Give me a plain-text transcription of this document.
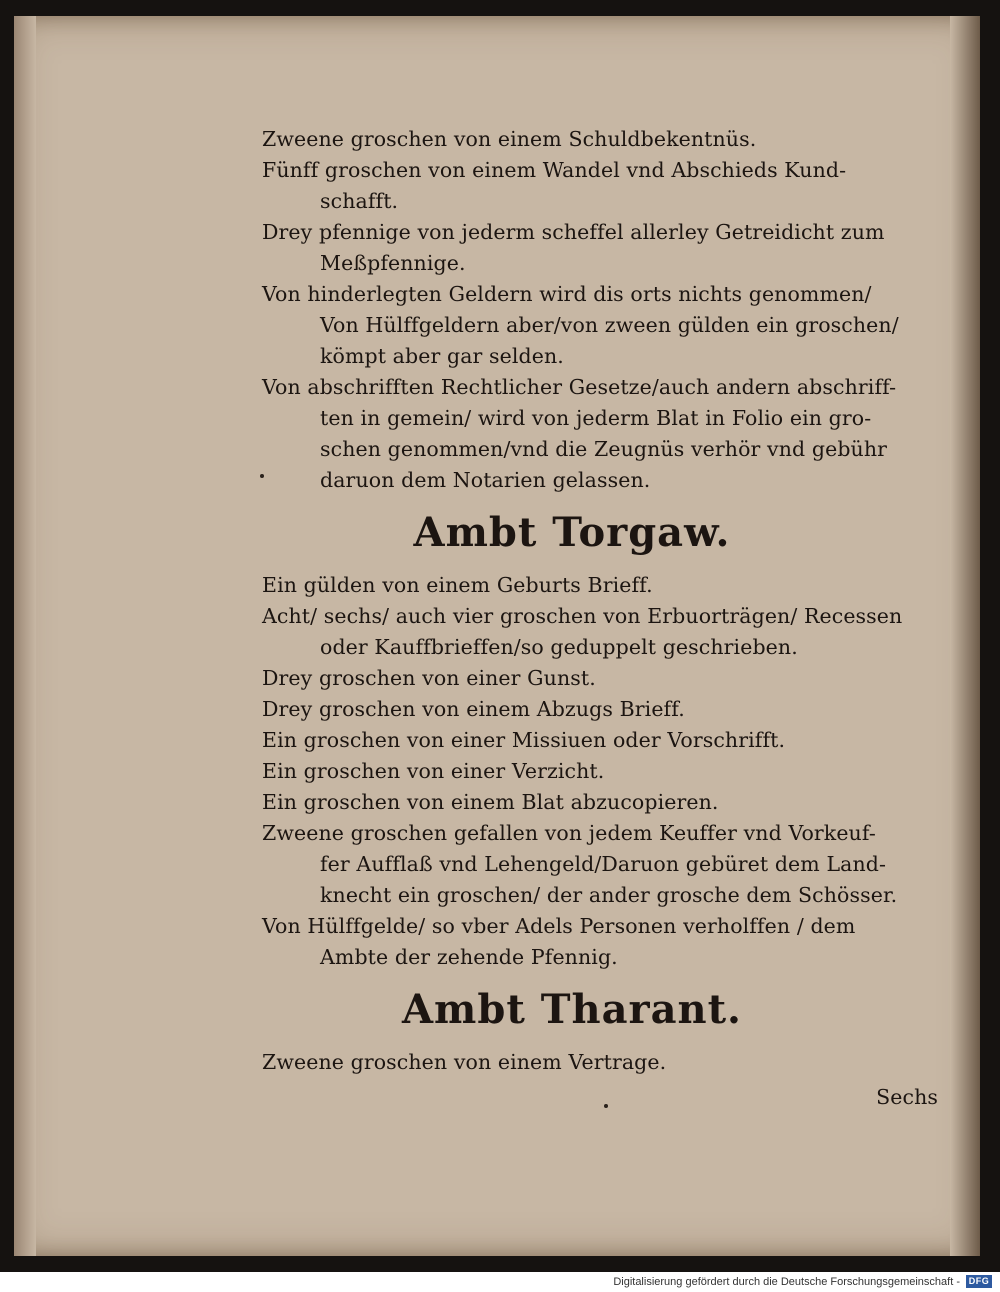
Zweene groschen von einem Schuldbekentnüs.
Fünff groschen von einem Wandel vnd Abschieds Kund-
schafft.
Drey pfennige von jederm scheffel allerley Getreidicht zum
Meßpfennige.
Von hinderlegten Geldern wird dis orts nichts genommen/
Von Hülffgeldern aber/von zween gülden ein groschen/
kömpt aber gar selden.
Von abschrifften Rechtlicher Gesetze/auch andern abschriff-
ten in gemein/ wird von jederm Blat in Folio ein gro-
schen genommen/vnd die Zeugnüs verhör vnd gebühr
daruon dem Notarien gelassen.
Ambt Torgaw.
Ein gülden von einem Geburts Brieff.
Acht/ sechs/ auch vier groschen von Erbuorträgen/ Recessen
oder Kauffbrieffen/so geduppelt geschrieben.
Drey groschen von einer Gunst.
Drey groschen von einem Abzugs Brieff.
Ein groschen von einer Missiuen oder Vorschrifft.
Ein groschen von einer Verzicht.
Ein groschen von einem Blat abzucopieren.
Zweene groschen gefallen von jedem Keuffer vnd Vorkeuf-
fer Aufflaß vnd Lehengeld/Daruon gebüret dem Land-
knecht ein groschen/ der ander grosche dem Schösser.
Von Hülffgelde/ so vber Adels Personen verholffen / dem
Ambte der zehende Pfennig.
Ambt Tharant.
Zweene groschen von einem Vertrage.
Sechs
Digitalisierung gefördert durch die Deutsche Forschungsgemeinschaft - DFG
